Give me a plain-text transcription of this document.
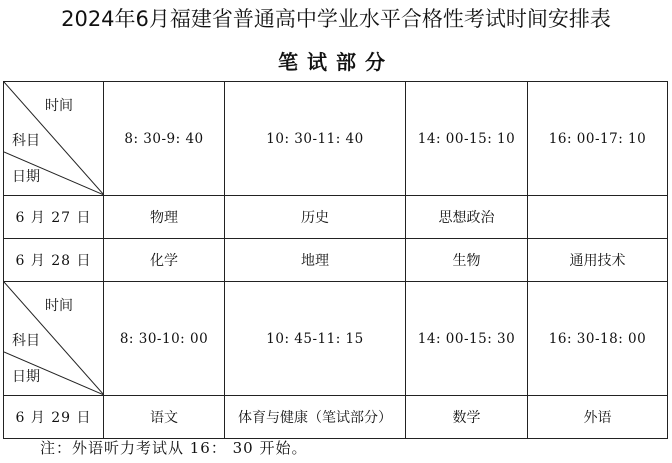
2024年6月福建省普通高中学业水平合格性考试时间安排表
笔试部分
时间
科目
日期	8: 30-9: 40	10: 30-11: 40	14: 00-15: 10	16: 00-17: 10
6 月 27 日	物理	历史	思想政治	
6 月 28 日	化学	地理	生物	通用技术

时间
科目
日期	8: 30-10: 00	10: 45-11: 15	14: 00-15: 30	16: 30-18: 00
6 月 29 日	语文	体育与健康（笔试部分）	数学	外语
注：外语听力考试从 16： 30 开始。
